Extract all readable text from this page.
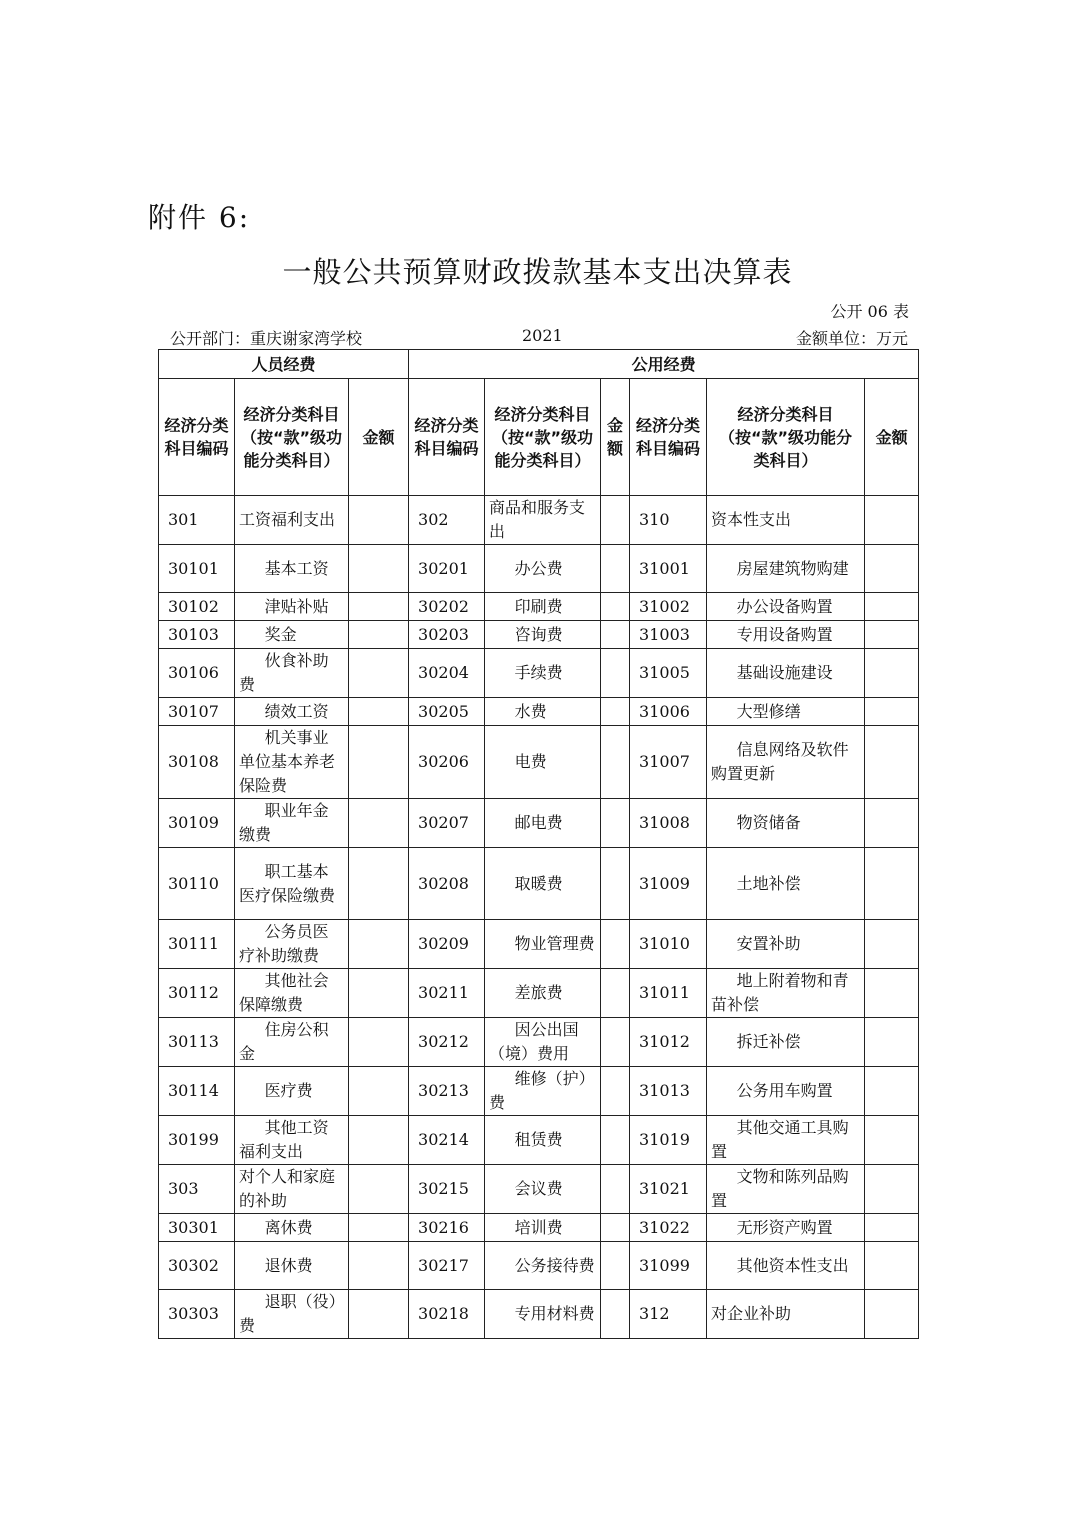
附件 6:
一般公共预算财政拨款基本支出决算表
公开 06 表
公开部门：重庆谢家湾学校	2021	金额单位：万元
人员经费			公用经费					
经济分类科目编码	经济分类科目（按“款”级功能分类科目）	金额	经济分类科目编码	经济分类科目（按“款”级功能分类科目）	金额	经济分类科目编码	经济分类科目（按“款”级功能分类科目）	金额
301	工资福利支出		302	商品和服务支出		310	资本性支出	
30101	基本工资		30201	办公费		31001	房屋建筑物购建	
30102	津贴补贴		30202	印刷费		31002	办公设备购置	
30103	奖金		30203	咨询费		31003	专用设备购置	
30106	伙食补助费		30204	手续费		31005	基础设施建设	
30107	绩效工资		30205	水费		31006	大型修缮	
30108	机关事业单位基本养老保险费		30206	电费		31007	信息网络及软件购置更新	
30109	职业年金缴费		30207	邮电费		31008	物资储备	
30110	职工基本医疗保险缴费		30208	取暖费		31009	土地补偿	
30111	公务员医疗补助缴费		30209	物业管理费		31010	安置补助	
30112	其他社会保障缴费		30211	差旅费		31011	地上附着物和青苗补偿	
30113	住房公积金		30212	因公出国（境）费用		31012	拆迁补偿	
30114	医疗费		30213	维修（护）费		31013	公务用车购置	
30199	其他工资福利支出		30214	租赁费		31019	其他交通工具购置	
303	对个人和家庭的补助		30215	会议费		31021	文物和陈列品购置	
30301	离休费		30216	培训费		31022	无形资产购置	
30302	退休费		30217	公务接待费		31099	其他资本性支出	
30303	退职（役）费		30218	专用材料费		312	对企业补助	
